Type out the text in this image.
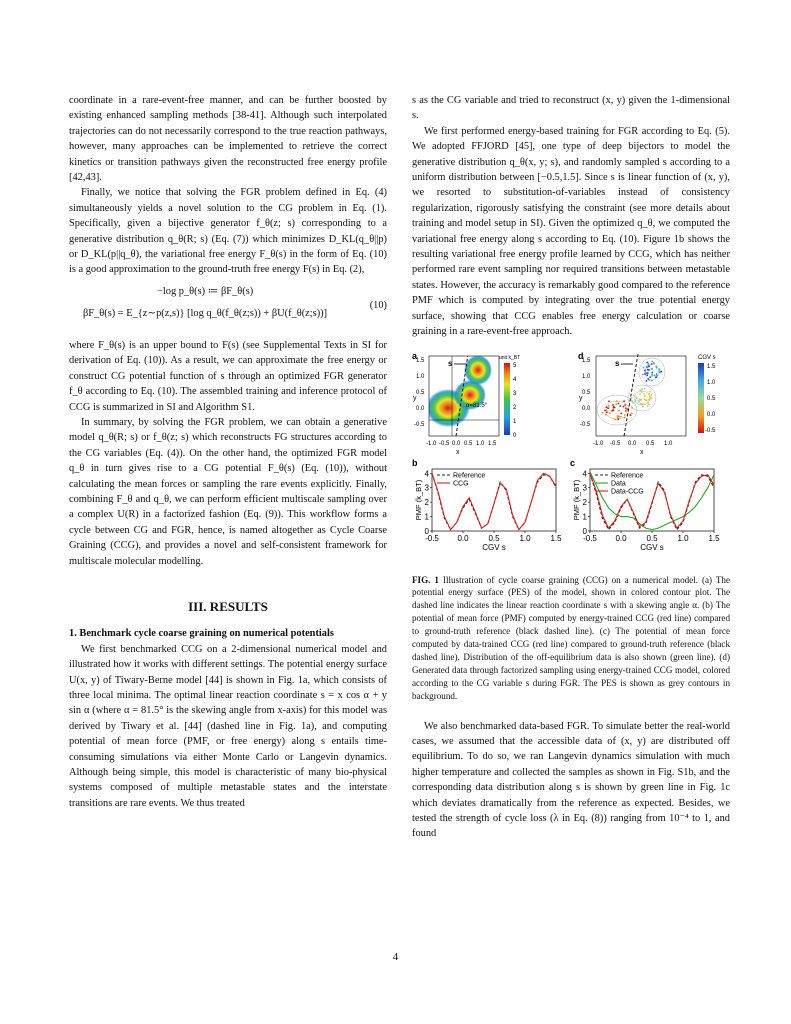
coordinate in a rare-event-free manner, and can be further boosted by existing enhanced sampling methods [38-41]. Although such interpolated trajectories can do not necessarily correspond to the true reaction pathways, however, many approaches can be implemented to retrieve the correct kinetics or transition pathways given the reconstructed free energy profile [42,43].

Finally, we notice that solving the FGR problem defined in Eq. (4) simultaneously yields a novel solution to the CG problem in Eq. (1). Specifically, given a bijective generator f_θ(z; s) corresponding to a generative distribution q_θ(R; s) (Eq. (7)) which minimizes D_KL(q_θ||p) or D_KL(p||q_θ), the variational free energy F_θ(s) in the form of Eq. (10) is a good approximation to the ground-truth free energy F(s) in Eq. (2),

−log p_θ(s) ≔ βF_θ(s)
βF_θ(s) = E_{z∼p(z,s)} [log q_θ(f_θ(z;s)) + βU(f_θ(z;s))]
(10)

where F_θ(s) is an upper bound to F(s) (see Supplemental Texts in SI for derivation of Eq. (10)). As a result, we can approximate the free energy or construct CG potential function of s through an optimized FGR generator f_θ according to Eq. (10). The assembled training and inference protocol of CCG is summarized in SI and Algorithm S1.

In summary, by solving the FGR problem, we can obtain a generative model q_θ(R; s) or f_θ(z; s) which reconstructs FG structures according to the CG variables (Eq. (4)). On the other hand, the optimized FGR model q_θ in turn gives rise to a CG potential F_θ(s) (Eq. (10)), without calculating the mean forces or sampling the rare events explicitly. Finally, combining F_θ and q_θ, we can perform efficient multiscale sampling over a complex U(R) in a factorized fashion (Eq. (9)). This workflow forms a cycle between CG and FGR, hence, is named altogether as Cycle Coarse Graining (CCG), and provides a novel and self-consistent framework for multiscale molecular modelling.

III. RESULTS

1. Benchmark cycle coarse graining on numerical potentials

We first benchmarked CCG on a 2-dimensional numerical model and illustrated how it works with different settings. The potential energy surface U(x, y) of Tiwary-Berne model [44] is shown in Fig. 1a, which consists of three local minima. The optimal linear reaction coordinate s = x cos α + y sin α (where α = 81.5° is the skewing angle from x-axis) for this model was derived by Tiwary et al. [44] (dashed line in Fig. 1a), and computing potential of mean force (PMF, or free energy) along s entails time-consuming simulations via either Monte Carlo or Langevin dynamics. Although being simple, this model is characteristic of many bio-physical systems composed of multiple metastable states and the interstate transitions are rare events. We thus treated

s as the CG variable and tried to reconstruct (x, y) given the 1-dimensional s.

We first performed energy-based training for FGR according to Eq. (5). We adopted FFJORD [45], one type of deep bijectors to model the generative distribution q_θ(x, y; s), and randomly sampled s according to a uniform distribution between [−0.5,1.5]. Since s is linear function of (x, y), we resorted to substitution-of-variables instead of consistency regularization, rigorously satisfying the constraint (see more details about training and model setup in SI). Given the optimized q_θ, we computed the variational free energy along s according to Eq. (10). Figure 1b shows the resulting variational free energy profile learned by CCG, which has neither performed rare event sampling nor required transitions between metastable states. However, the accuracy is remarkably good compared to the reference PMF which is computed by integrating over the true potential energy surface, showing that CCG enables free energy calculation or coarse graining in a rare-event-free approach.

a
s
α=81.5°
y
x
1.5
1.0
0.5
0.0
-0.5
-1.0 -0.5 0.0 0.5 1.0 1.5
unit k_BT
5
4
3
2
1
0
d
s
y
x
1.5
1.0
0.5
0.0
-0.5
-1.0 -0.5 0.0 0.5 1.0
CGV s
1.5
1.0
0.5
0.0
-0.5
b	c
-0.5 0.0 0.5 1.0 1.5
0
1
2
3
4
CGV s
PMF (k_BT)
Reference
CCG
-0.5 0.0 0.5 1.0 1.5
0
1
2
3
4
CGV s
PMF (k_BT)
Reference
Data
Data-CCG
FIG. 1 Illustration of cycle coarse graining (CCG) on a numerical model. (a) The potential energy surface (PES) of the model, shown in colored contour plot. The dashed line indicates the linear reaction coordinate s with a skewing angle α. (b) The potential of mean force (PMF) computed by energy-trained CCG (red line) compared to ground-truth reference (black dashed line). (c) The potential of mean force computed by data-trained CCG (red line) compared to ground-truth reference (black dashed line). Distribution of the off-equilibrium data is also shown (green line). (d) Generated data through factorized sampling using energy-trained CCG model, colored according to the CG variable s during FGR. The PES is shown as grey contours in background.

We also benchmarked data-based FGR. To simulate better the real-world cases, we assumed that the accessible data of (x, y) are distributed off equilibrium. To do so, we ran Langevin dynamics simulation with much higher temperature and collected the samples as shown in Fig. S1b, and the corresponding data distribution along s is shown by green line in Fig. 1c which deviates dramatically from the reference as expected. Besides, we tested the strength of cycle loss (λ in Eq. (8)) ranging from 10⁻⁴ to 1, and found

4
